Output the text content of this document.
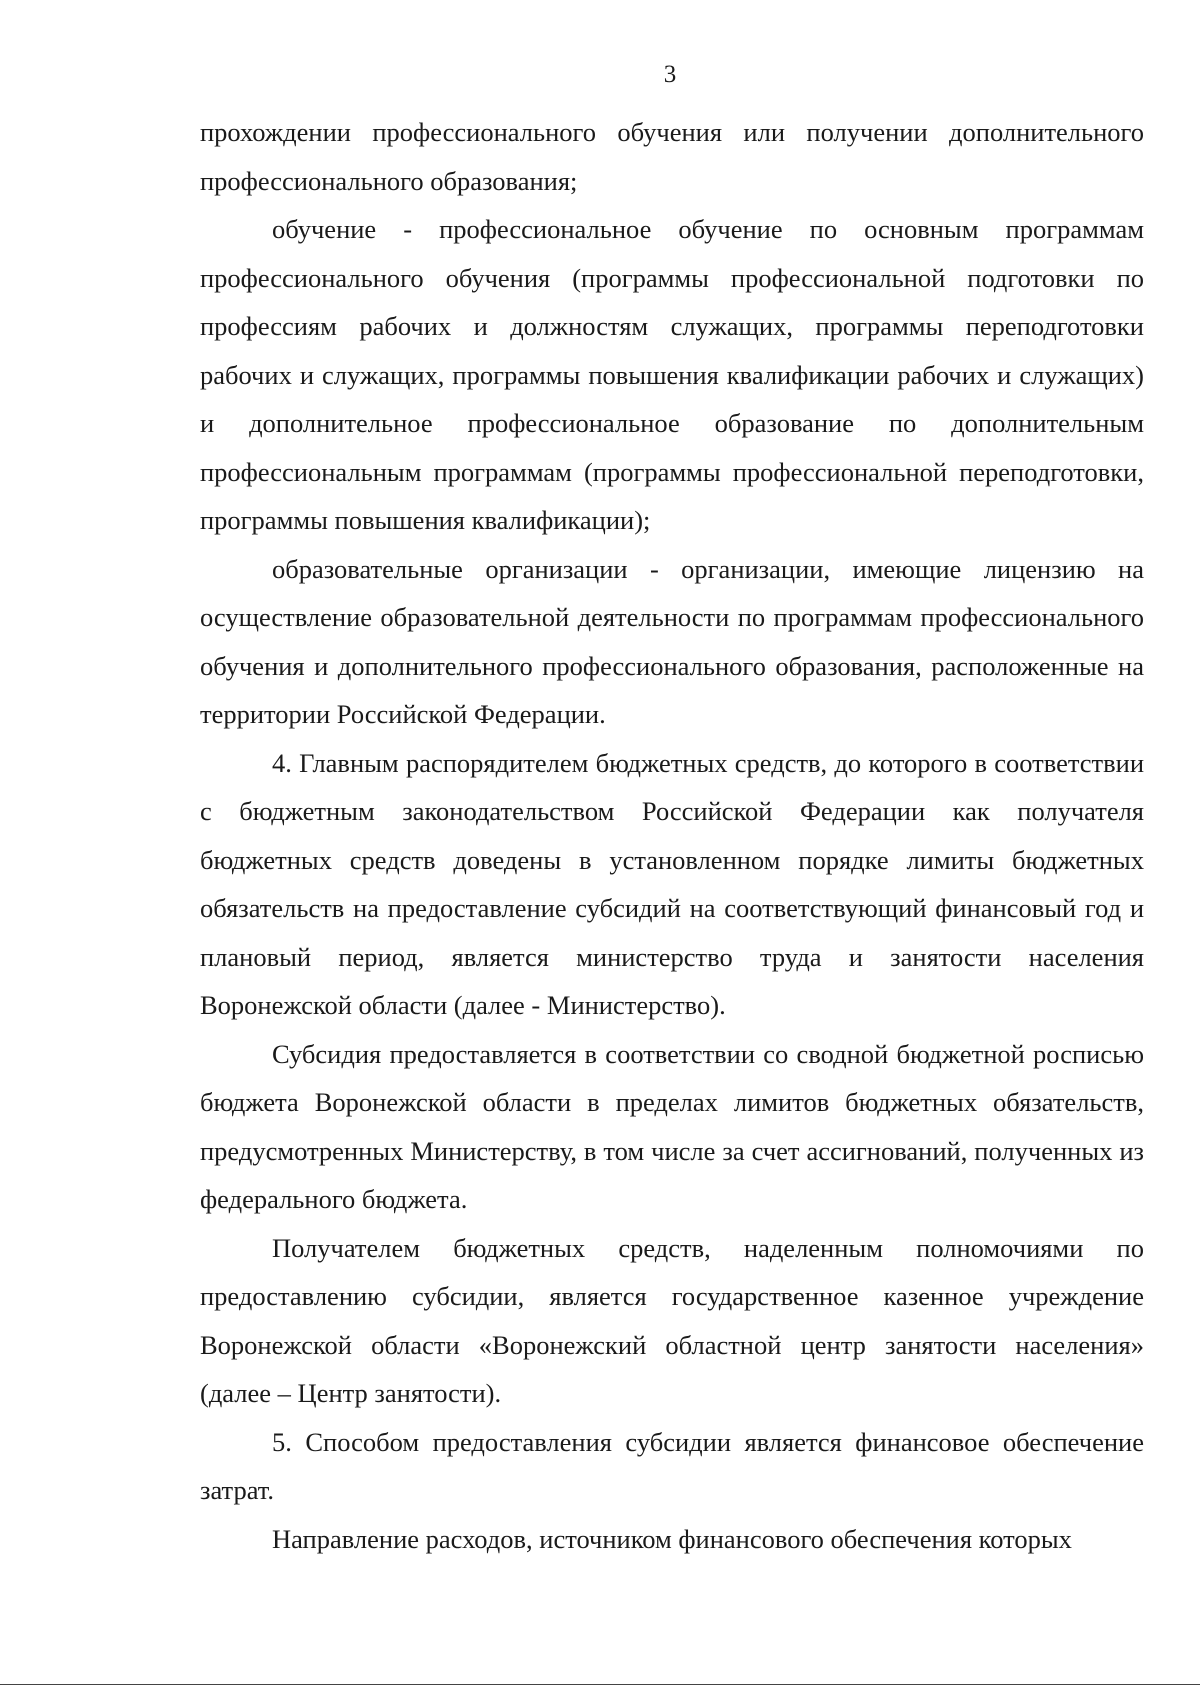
3

прохождении профессионального обучения или получении дополнительного профессионального образования;

обучение - профессиональное обучение по основным программам профессионального обучения (программы профессиональной подготовки по профессиям рабочих и должностям служащих, программы переподготовки рабочих и служащих, программы повышения квалификации рабочих и служащих) и дополнительное профессиональное образование по дополнительным профессиональным программам (программы профессиональной переподготовки, программы повышения квалификации);

образовательные организации - организации, имеющие лицензию на осуществление образовательной деятельности по программам профессионального обучения и дополнительного профессионального образования, расположенные на территории Российской Федерации.

4. Главным распорядителем бюджетных средств, до которого в соответствии с бюджетным законодательством Российской Федерации как получателя бюджетных средств доведены в установленном порядке лимиты бюджетных обязательств на предоставление субсидий на соответствующий финансовый год и плановый период, является министерство труда и занятости населения Воронежской области (далее - Министерство).

Субсидия предоставляется в соответствии со сводной бюджетной росписью бюджета Воронежской области в пределах лимитов бюджетных обязательств, предусмотренных Министерству, в том числе за счет ассигнований, полученных из федерального бюджета.

Получателем бюджетных средств, наделенным полномочиями по предоставлению субсидии, является государственное казенное учреждение Воронежской области «Воронежский областной центр занятости населения» (далее – Центр занятости).

5. Способом предоставления субсидии является финансовое обеспечение затрат.

Направление расходов, источником финансового обеспечения которых
